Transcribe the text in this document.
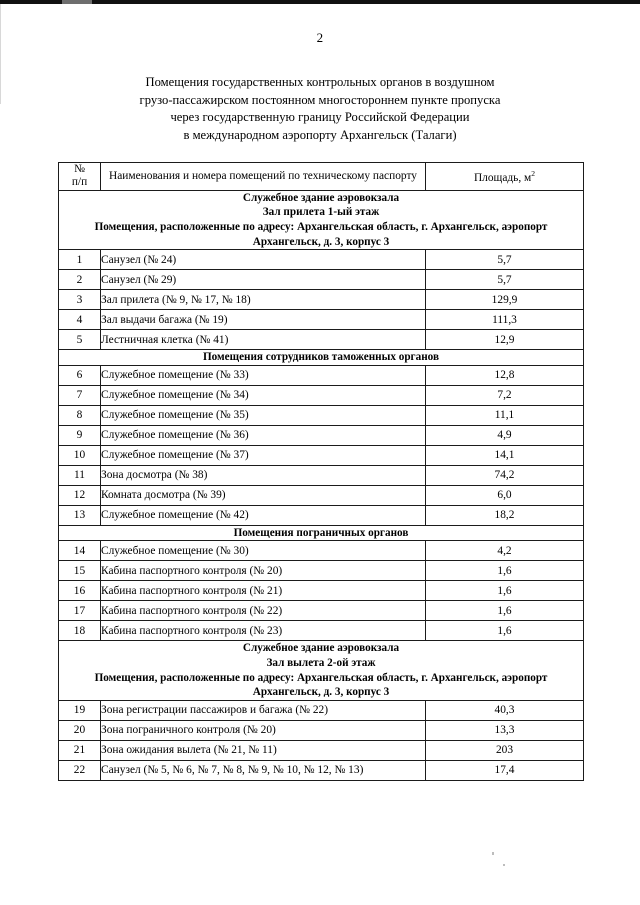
2
Помещения государственных контрольных органов в воздушном
грузо-пассажирском постоянном многостороннем пункте пропуска
через государственную границу Российской Федерации
в международном аэропорту Архангельск (Талаги)
№
п/п	Наименования и номера помещений по техническому паспорту	Площадь, $м^2$

Служебное здание аэровокзала
Зал прилета 1-ый этаж
Помещения, расположенные по адресу: Архангельская область, г. Архангельск, аэропорт
Архангельск, д. 3, корпус 3		

1	Санузел (№ 24)	5,7
2	Санузел (№ 29)	5,7
3	Зал прилета (№ 9, № 17, № 18)	129,9
4	Зал выдачи багажа (№ 19)	111,3
5	Лестничная клетка (№ 41)	12,9

Помещения сотрудников таможенных органов		

6	Служебное помещение (№ 33)	12,8
7	Служебное помещение (№ 34)	7,2
8	Служебное помещение (№ 35)	11,1
9	Служебное помещение (№ 36)	4,9
10	Служебное помещение (№ 37)	14,1
11	Зона досмотра (№ 38)	74,2
12	Комната досмотра (№ 39)	6,0
13	Служебное помещение (№ 42)	18,2

Помещения пограничных органов		

14	Служебное помещение (№ 30)	4,2
15	Кабина паспортного контроля (№ 20)	1,6
16	Кабина паспортного контроля (№ 21)	1,6
17	Кабина паспортного контроля (№ 22)	1,6
18	Кабина паспортного контроля (№ 23)	1,6

Служебное здание аэровокзала
Зал вылета 2-ой этаж
Помещения, расположенные по адресу: Архангельская область, г. Архангельск, аэропорт
Архангельск, д. 3, корпус 3		

19	Зона регистрации пассажиров и багажа (№ 22)	40,3
20	Зона пограничного контроля (№ 20)	13,3
21	Зона ожидания вылета (№ 21, № 11)	203
22	Санузел (№ 5, № 6, № 7, № 8, № 9, № 10, № 12, № 13)	17,4
